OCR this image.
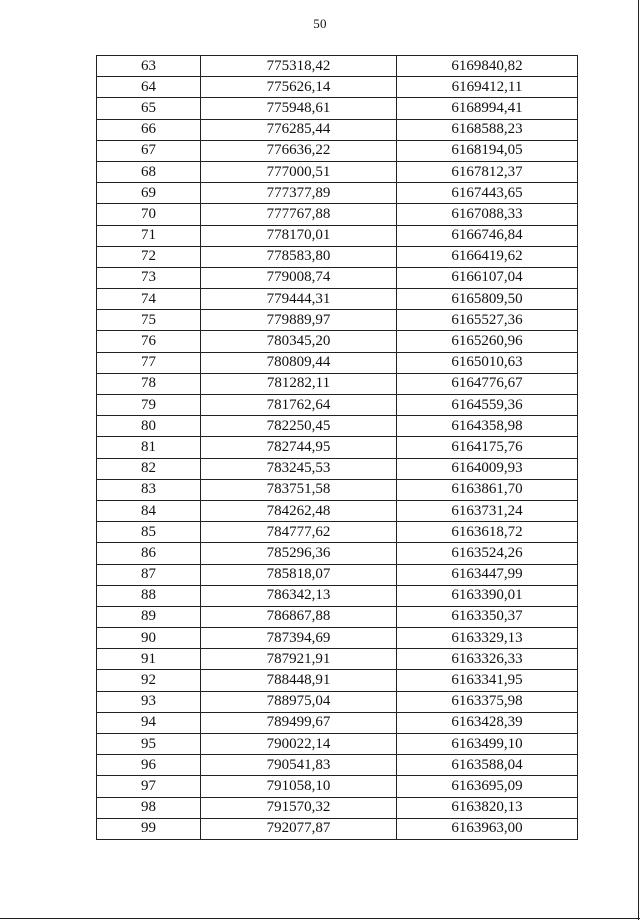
50
63	775318,42	6169840,82
64	775626,14	6169412,11
65	775948,61	6168994,41
66	776285,44	6168588,23
67	776636,22	6168194,05
68	777000,51	6167812,37
69	777377,89	6167443,65
70	777767,88	6167088,33
71	778170,01	6166746,84
72	778583,80	6166419,62
73	779008,74	6166107,04
74	779444,31	6165809,50
75	779889,97	6165527,36
76	780345,20	6165260,96
77	780809,44	6165010,63
78	781282,11	6164776,67
79	781762,64	6164559,36
80	782250,45	6164358,98
81	782744,95	6164175,76
82	783245,53	6164009,93
83	783751,58	6163861,70
84	784262,48	6163731,24
85	784777,62	6163618,72
86	785296,36	6163524,26
87	785818,07	6163447,99
88	786342,13	6163390,01
89	786867,88	6163350,37
90	787394,69	6163329,13
91	787921,91	6163326,33
92	788448,91	6163341,95
93	788975,04	6163375,98
94	789499,67	6163428,39
95	790022,14	6163499,10
96	790541,83	6163588,04
97	791058,10	6163695,09
98	791570,32	6163820,13
99	792077,87	6163963,00
